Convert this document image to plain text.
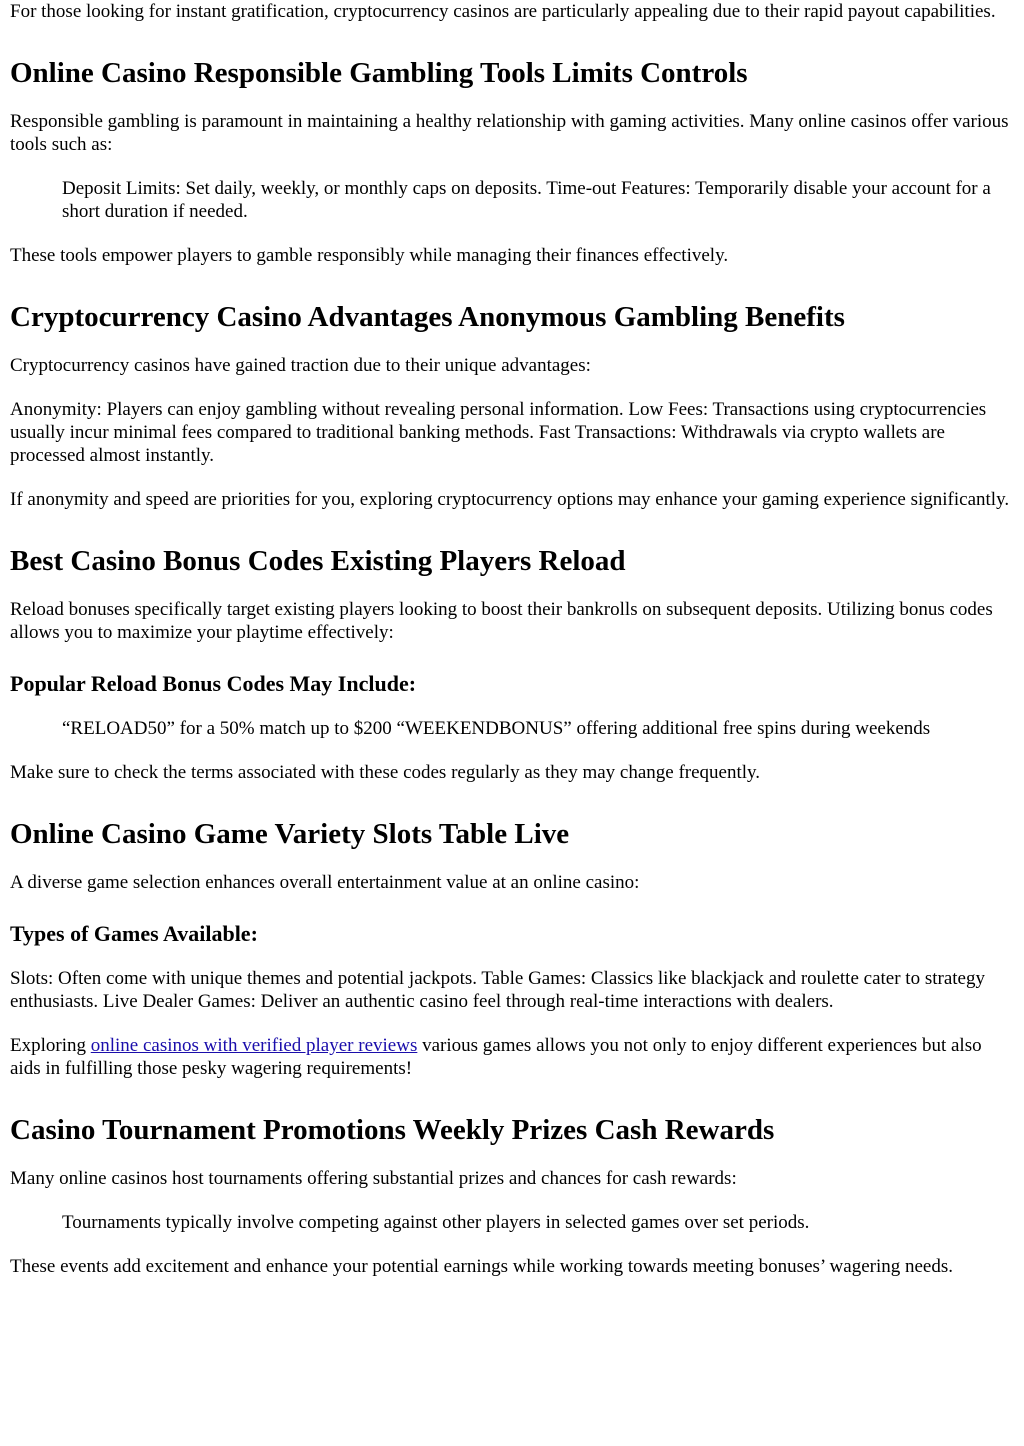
For those looking for instant gratification, cryptocurrency casinos are particularly appealing due to their rapid payout capabilities.

Online Casino Responsible Gambling Tools Limits Controls

Responsible gambling is paramount in maintaining a healthy relationship with gaming activities. Many online casinos offer various tools such as:

Deposit Limits: Set daily, weekly, or monthly caps on deposits. Time-out Features: Temporarily disable your account for a short duration if needed.

These tools empower players to gamble responsibly while managing their finances effectively.

Cryptocurrency Casino Advantages Anonymous Gambling Benefits

Cryptocurrency casinos have gained traction due to their unique advantages:

Anonymity: Players can enjoy gambling without revealing personal information. Low Fees: Transactions using cryptocurrencies usually incur minimal fees compared to traditional banking methods. Fast Transactions: Withdrawals via crypto wallets are processed almost instantly.

If anonymity and speed are priorities for you, exploring cryptocurrency options may enhance your gaming experience significantly.

Best Casino Bonus Codes Existing Players Reload

Reload bonuses specifically target existing players looking to boost their bankrolls on subsequent deposits. Utilizing bonus codes allows you to maximize your playtime effectively:

Popular Reload Bonus Codes May Include:
“RELOAD50” for a 50% match up to $200 “WEEKENDBONUS” offering additional free spins during weekends

Make sure to check the terms associated with these codes regularly as they may change frequently.

Online Casino Game Variety Slots Table Live

A diverse game selection enhances overall entertainment value at an online casino:

Types of Games Available:

Slots: Often come with unique themes and potential jackpots. Table Games: Classics like blackjack and roulette cater to strategy enthusiasts. Live Dealer Games: Deliver an authentic casino feel through real-time interactions with dealers.

Exploring online casinos with verified player reviews various games allows you not only to enjoy different experiences but also aids in fulfilling those pesky wagering requirements!

Casino Tournament Promotions Weekly Prizes Cash Rewards

Many online casinos host tournaments offering substantial prizes and chances for cash rewards:

Tournaments typically involve competing against other players in selected games over set periods.

These events add excitement and enhance your potential earnings while working towards meeting bonuses’ wagering needs.
